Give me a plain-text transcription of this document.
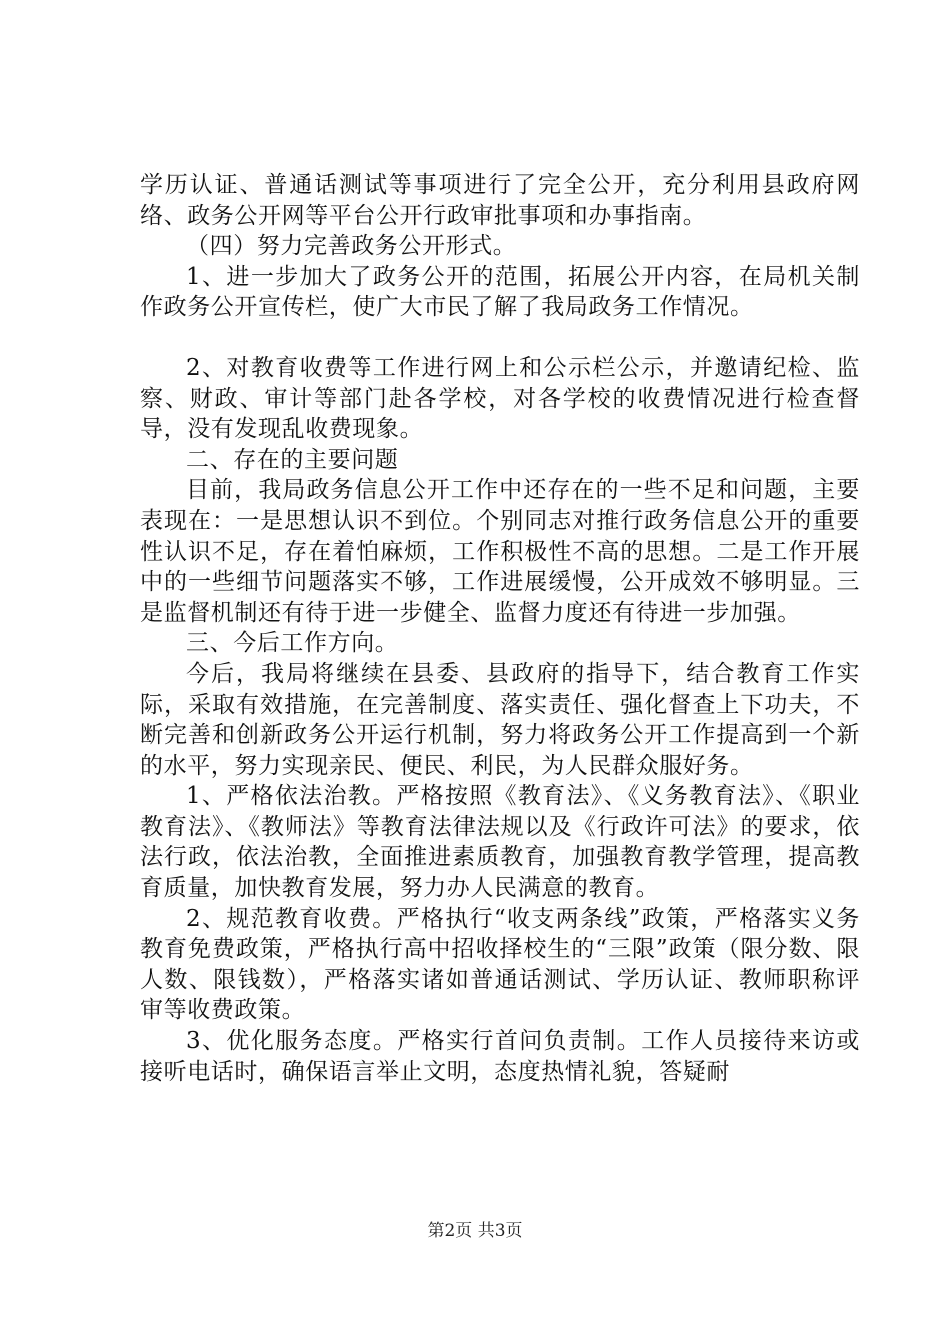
学历认证、普通话测试等事项进行了完全公开，充分利用县政府网络、政务公开网等平台公开行政审批事项和办事指南。

（四）努力完善政务公开形式。

1、进一步加大了政务公开的范围，拓展公开内容，在局机关制作政务公开宣传栏，使广大市民了解了我局政务工作情况。

2、对教育收费等工作进行网上和公示栏公示，并邀请纪检、监察、财政、审计等部门赴各学校，对各学校的收费情况进行检查督导，没有发现乱收费现象。

二、存在的主要问题

目前，我局政务信息公开工作中还存在的一些不足和问题，主要表现在：一是思想认识不到位。个别同志对推行政务信息公开的重要性认识不足，存在着怕麻烦，工作积极性不高的思想。二是工作开展中的一些细节问题落实不够，工作进展缓慢，公开成效不够明显。三是监督机制还有待于进一步健全、监督力度还有待进一步加强。

三、今后工作方向。

今后，我局将继续在县委、县政府的指导下，结合教育工作实际，采取有效措施，在完善制度、落实责任、强化督查上下功夫，不断完善和创新政务公开运行机制，努力将政务公开工作提高到一个新的水平，努力实现亲民、便民、利民，为人民群众服好务。

1、严格依法治教。严格按照《教育法》、《义务教育法》、《职业教育法》、《教师法》等教育法律法规以及《行政许可法》的要求，依法行政，依法治教，全面推进素质教育，加强教育教学管理，提高教育质量，加快教育发展，努力办人民满意的教育。

2、规范教育收费。严格执行“收支两条线”政策，严格落实义务教育免费政策，严格执行高中招收择校生的“三限”政策（限分数、限人数、限钱数），严格落实诸如普通话测试、学历认证、教师职称评审等收费政策。

3、优化服务态度。严格实行首问负责制。工作人员接待来访或接听电话时，确保语言举止文明，态度热情礼貌，答疑耐

第2页 共3页
